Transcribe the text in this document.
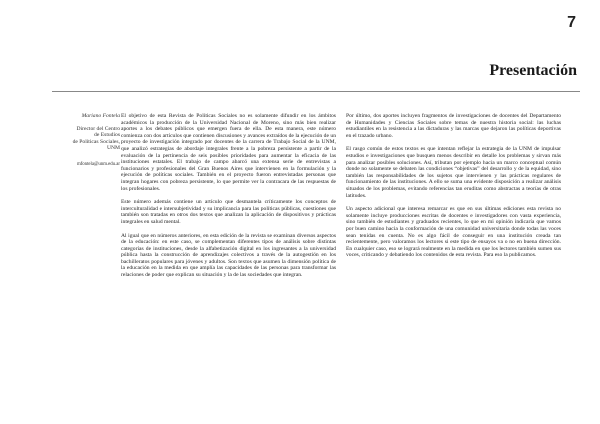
7
Presentación
Mariano Fontela
Director del Centro
de Estudios
de Políticas Sociales,
UNM
mfontela@unm.edu.ar

El objetivo de esta Revista de Políticas Sociales no es solamente difundir en los ámbitos académicos la producción de la Universidad Nacional de Moreno, sino más bien realizar aportes a los debates públicos que emergen fuera de ella. De esta manera, este número comienza con dos artículos que contienen discusiones y avances extraídos de la ejecución de un proyecto de investigación integrado por docentes de la carrera de Trabajo Social de la UNM, que analizó estrategias de abordaje integrales frente a la pobreza persistente a partir de la evaluación de la pertinencia de seis posibles prioridades para aumentar la eficacia de las instituciones estatales. El trabajo de campo abarcó una extensa serie de entrevistas a funcionarios y profesionales del Gran Buenos Aires que intervienen en la formulación y la ejecución de políticas sociales. También en el proyecto fueron entrevistadas personas que integran hogares con pobreza persistente, lo que permite ver la contracara de las respuestas de los profesionales.

Este número además contiene un artículo que desmantela críticamente los conceptos de interculturalidad e intersubjetividad y su implicancia para las políticas públicas, cuestiones que también son tratadas en otros dos textos que analizan la aplicación de dispositivos y prácticas integrales en salud mental.

Al igual que en números anteriores, en esta edición de la revista se examinan diversos aspectos de la educación: en este caso, se complementan diferentes tipos de análisis sobre distintas categorías de instituciones, desde la alfabetización digital en los ingresantes a la universidad pública hasta la construcción de aprendizajes colectivos a través de la autogestión en los bachilleratos populares para jóvenes y adultos. Son textos que asumen la dimensión política de la educación en la medida en que amplía las capacidades de las personas para transformar las relaciones de poder que explican su situación y la de las sociedades que integran.

Por último, dos aportes incluyen fragmentos de investigaciones de docentes del Departamento de Humanidades y Ciencias Sociales sobre temas de nuestra historia social: las luchas estudiantiles en la resistencia a las dictaduras y las marcas que dejaron las políticas deportivas en el trazado urbano.

El rasgo común de estos textos es que intentan reflejar la estrategia de la UNM de impulsar estudios e investigaciones que busquen menos describir en detalle los problemas y sirvan más para analizar posibles soluciones. Así, tributan por ejemplo hacia un marco conceptual común donde no solamente se debaten las condiciones “objetivas” del desarrollo y de la equidad, sino también las responsabilidades de los sujetos que intervienen y las prácticas regulares de funcionamiento de las instituciones. A ello se suma una evidente disposición a realizar análisis situados de los problemas, evitando referencias tan eruditas como abstractas a teorías de otras latitudes.

Un aspecto adicional que interesa remarcar es que en sus últimas ediciones esta revista no solamente incluye producciones escritas de docentes e investigadores con vasta experiencia, sino también de estudiantes y graduados recientes, lo que en mi opinión indicaría que vamos por buen camino hacia la conformación de una comunidad universitaria donde todas las voces sean tenidas en cuenta. No es algo fácil de conseguir en una institución creada tan recientemente, pero valoramos los lectores si este tipo de ensayos va o no en buena dirección. En cualquier caso, eso se logrará realmente en la medida en que los lectores también sumen sus voces, criticando y debatiendo los contenidos de esta revista. Para eso la publicamos.
